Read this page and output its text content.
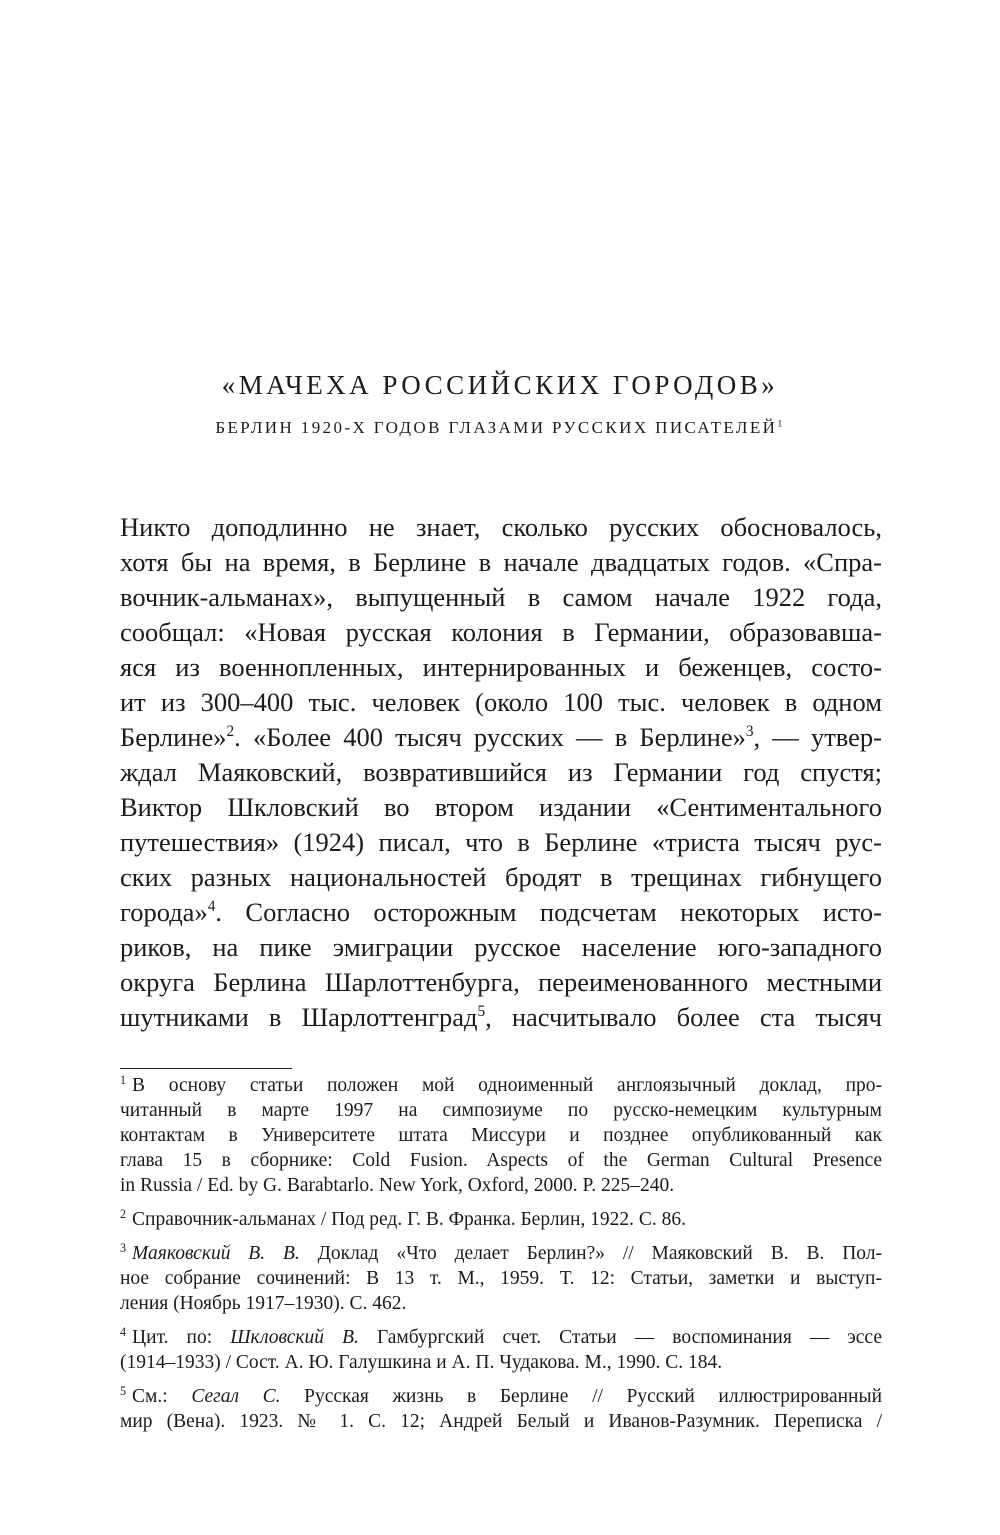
«МАЧЕХА РОССИЙСКИХ ГОРОДОВ»
БЕРЛИН 1920-Х ГОДОВ ГЛАЗАМИ РУССКИХ ПИСАТЕЛЕЙ$^1$
Никто доподлинно не знает, сколько русских обосновалось,
хотя бы на время, в Берлине в начале двадцатых годов. «Спра-
вочник-альманах», выпущенный в самом начале 1922 года,
сообщал: «Новая русская колония в Германии, образовавша-
яся из военнопленных, интернированных и беженцев, состо-
ит из 300–400 тыс. человек (около 100 тыс. человек в одном
Берлине»$^2$. «Более 400 тысяч русских — в Берлине»$^3$, — утвер-
ждал Маяковский, возвратившийся из Германии год спустя;
Виктор Шкловский во втором издании «Сентиментального
путешествия» (1924) писал, что в Берлине «триста тысяч рус-
ских разных национальностей бродят в трещинах гибнущего
города»$^4$. Согласно осторожным подсчетам некоторых исто-
риков, на пике эмиграции русское население юго-западного
округа Берлина Шарлоттенбурга, переименованного местными
шутниками в Шарлоттенград$^5$, насчитывало более ста тысяч
$^1$ В основу статьи положен мой одноименный англоязычный доклад, про-
читанный в марте 1997 на симпозиуме по русско-немецким культурным
контактам в Университете штата Миссури и позднее опубликованный как
глава 15 в сборнике: Cold Fusion. Aspects of the German Cultural Presence
in Russia / Ed. by G. Barabtarlo. New York, Oxford, 2000. P. 225–240.
$^2$ Справочник-альманах / Под ред. Г. В. Франка. Берлин, 1922. С. 86.
$^3$ Маяковский В. В. Доклад «Что делает Берлин?» // Маяковский В. В. Пол-
ное собрание сочинений: В 13 т. М., 1959. Т. 12: Статьи, заметки и выступ-
ления (Ноябрь 1917–1930). С. 462.
$^4$ Цит. по: Шкловский В. Гамбургский счет. Статьи — воспоминания — эссе
(1914–1933) / Сост. А. Ю. Галушкина и А. П. Чудакова. М., 1990. С. 184.
$^5$ См.: Сегал С. Русская жизнь в Берлине // Русский иллюстрированный
мир (Вена). 1923. № 1. С. 12; Андрей Белый и Иванов-Разумник. Переписка /
